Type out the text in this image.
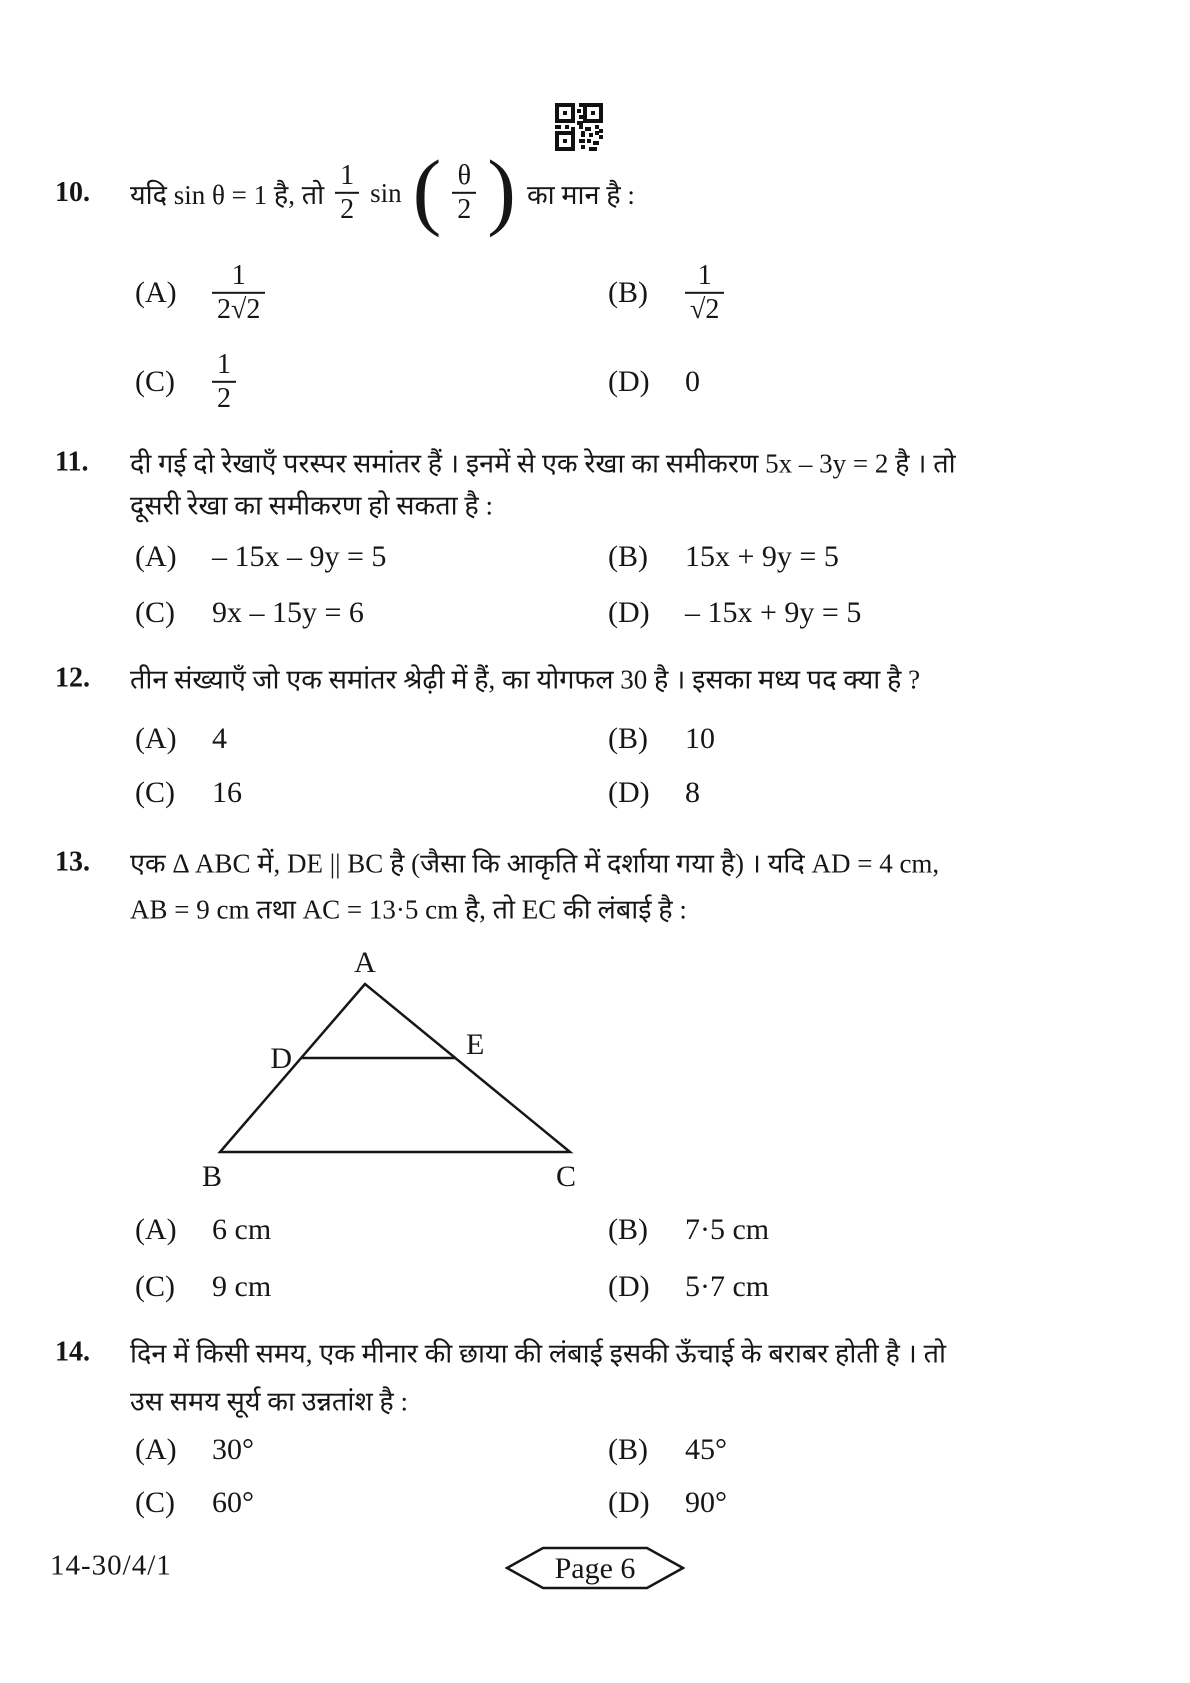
10.	यदि sin θ = 1 है, तो $\frac{1}{2}$ sin ( $\frac{\theta}{2}$ ) का मान है :
(A)	$\frac{1}{2√2}$	(B)	$\frac{1}{√2}$
(C)	$\frac{1}{2}$	(D)	0
11.	दी गई दो रेखाएँ परस्पर समांतर हैं । इनमें से एक रेखा का समीकरण 5x – 3y = 2 है । तो
दूसरी रेखा का समीकरण हो सकता है :
(A)	– 15x – 9y = 5	(B)	15x + 9y = 5
(C)	9x – 15y = 6	(D)	– 15x + 9y = 5
12.	तीन संख्याएँ जो एक समांतर श्रेढ़ी में हैं, का योगफल 30 है । इसका मध्य पद क्या है ?
(A)	4	(B)	10
(C)	16	(D)	8
13.	एक Δ ABC में, DE || BC है (जैसा कि आकृति में दर्शाया गया है) । यदि AD = 4 cm,
AB = 9 cm तथा AC = 13·5 cm है, तो EC की लंबाई है :
A
B	C
D	E
(A)	6 cm	(B)	7·5 cm
(C)	9 cm	(D)	5·7 cm
14.	दिन में किसी समय, एक मीनार की छाया की लंबाई इसकी ऊँचाई के बराबर होती है । तो
उस समय सूर्य का उन्नतांश है :
(A)	30°	(B)	45°
(C)	60°	(D)	90°
14-30/4/1	Page 6
